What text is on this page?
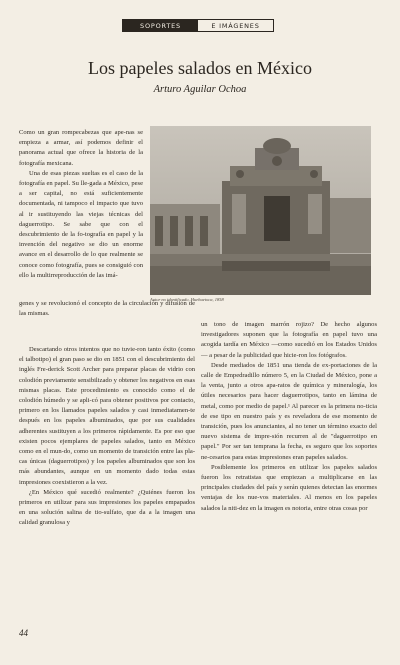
SOPORTES	E IMÁGENES
Los papeles salados en México
Arturo Aguilar Ochoa

Como un gran rompecabezas que ape-nas se empieza a armar, así podemos definir el panorama actual que ofrece la historia de la fotografía mexicana.

Una de esas piezas sueltas es el caso de la fotografía en papel. Su lle-gada a México, pese a ser capital, no está suficientemente documentada, ni tampoco el impacto que tuvo al ir sustituyendo las viejas técnicas del daguerrotipo. Se sabe que con el descubrimiento de la fo-tografía en papel y la invención del negativo se dio un enorme avance en el desarrollo de lo que realmente se conoce como fotografía, pues se consiguió con ello la multirreproducción de las imá-

Autor no identificado, Huehuetoca, 1858

genes y se revolucionó el concepto de la circulación y difusión de las mismas.

Descartando otros intentos que no tuvie-ron tanto éxito (como el talbotipo) el gran paso se dio en 1851 con el descubrimiento del inglés Fre-derick Scott Archer para preparar placas de vidrio con colodión previamente sensibilizado y obtener los negativos en esas mismas placas. Este procedimiento es conocido como el de colodión húmedo y se apli-có para obtener positivos por contacto, primero en los llamados papeles salados y casi inmediatamen-te después en los papeles albuminados, que por sus cualidades adherentes sustituyen a los primeros rápidamente. Es por eso que existen pocos ejemplares de papeles salados, tanto en México como en el mun-do, como un momento de transición entre las pla-cas únicas (daguerrotipos) y los papeles albuminados que son los más abundantes, aunque en un momento dado todas estas impresiones coexistieron a la vez.

¿En México qué sucedió realmente? ¿Quiénes fueron los primeros en utilizar para sus impresiones los papeles empapados en una solución salina de tio-sulfato, que da a la imagen una calidad granulosa y

un tono de imagen marrón rojizo? De hecho algunos investigadores suponen que la fotografía en papel tuvo una acogida tardía en México —como sucedió en los Estados Unidos— a pesar de la publicidad que hicie-ron los fotógrafos.

Desde mediados de 1851 una tienda de ex-portaciones de la calle de Empedradillo número 5, en la Ciudad de México, pone a la venta, junto a otros apa-ratos de química y mineralogía, los útiles necesarios para hacer daguerrotipos, tanto en lámina de metal, como por medio de papel.¹ Al parecer es la primera no-ticia de ese tipo en nuestro país y es reveladora de ese momento de transición, pues los anunciantes, al no tener un término exacto del nuevo sistema de impre-sión recurren al de "daguerrotipo en papel." Por ser tan temprana la fecha, es seguro que los soportes ne-cesarios para estas impresiones eran papeles salados.

Posiblemente los primeros en utilizar los papeles salados fueron los retratistas que empiezan a multiplicarse en las principales ciudades del país y serán quienes detectan las enormes ventajas de los nue-vos materiales. Al menos en los papeles salados la niti-dez en la imagen es notoria, entre otras cosas por

44
